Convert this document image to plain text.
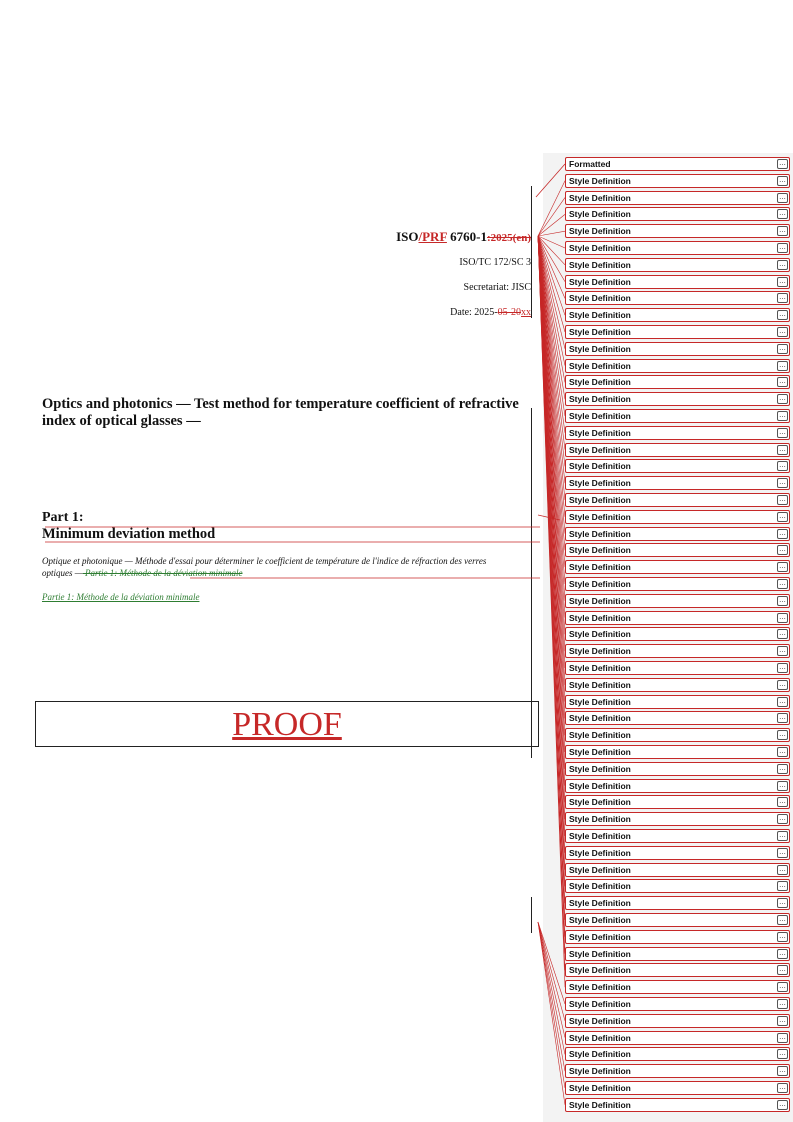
ISO/PRF 6760-1:2025(en)
ISO/TC 172/SC 3
Secretariat: JISC
Date: 2025-05-20xx
Optics and photonics — Test method for temperature coefficient of refractive index of optical glasses —
Part 1:
Minimum deviation method
Optique et photonique — Méthode d'essai pour déterminer le coefficient de température de l'indice de réfraction des verres optiques — Partie 1: Méthode de la déviation minimale
Partie 1: Méthode de la déviation minimale
PROOF
Formatted
...
Style Definition
...
Style Definition
...
Style Definition
...
Style Definition
...
Style Definition
...
Style Definition
...
Style Definition
...
Style Definition
...
Style Definition
...
Style Definition
...
Style Definition
...
Style Definition
...
Style Definition
...
Style Definition
...
Style Definition
...
Style Definition
...
Style Definition
...
Style Definition
...
Style Definition
...
Style Definition
...
Style Definition
...
Style Definition
...
Style Definition
...
Style Definition
...
Style Definition
...
Style Definition
...
Style Definition
...
Style Definition
...
Style Definition
...
Style Definition
...
Style Definition
...
Style Definition
...
Style Definition
...
Style Definition
...
Style Definition
...
Style Definition
...
Style Definition
...
Style Definition
...
Style Definition
...
Style Definition
...
Style Definition
...
Style Definition
...
Style Definition
...
Style Definition
...
Style Definition
...
Style Definition
...
Style Definition
...
Style Definition
...
Style Definition
...
Style Definition
...
Style Definition
...
Style Definition
...
Style Definition
...
Style Definition
...
Style Definition
...
Style Definition
...
